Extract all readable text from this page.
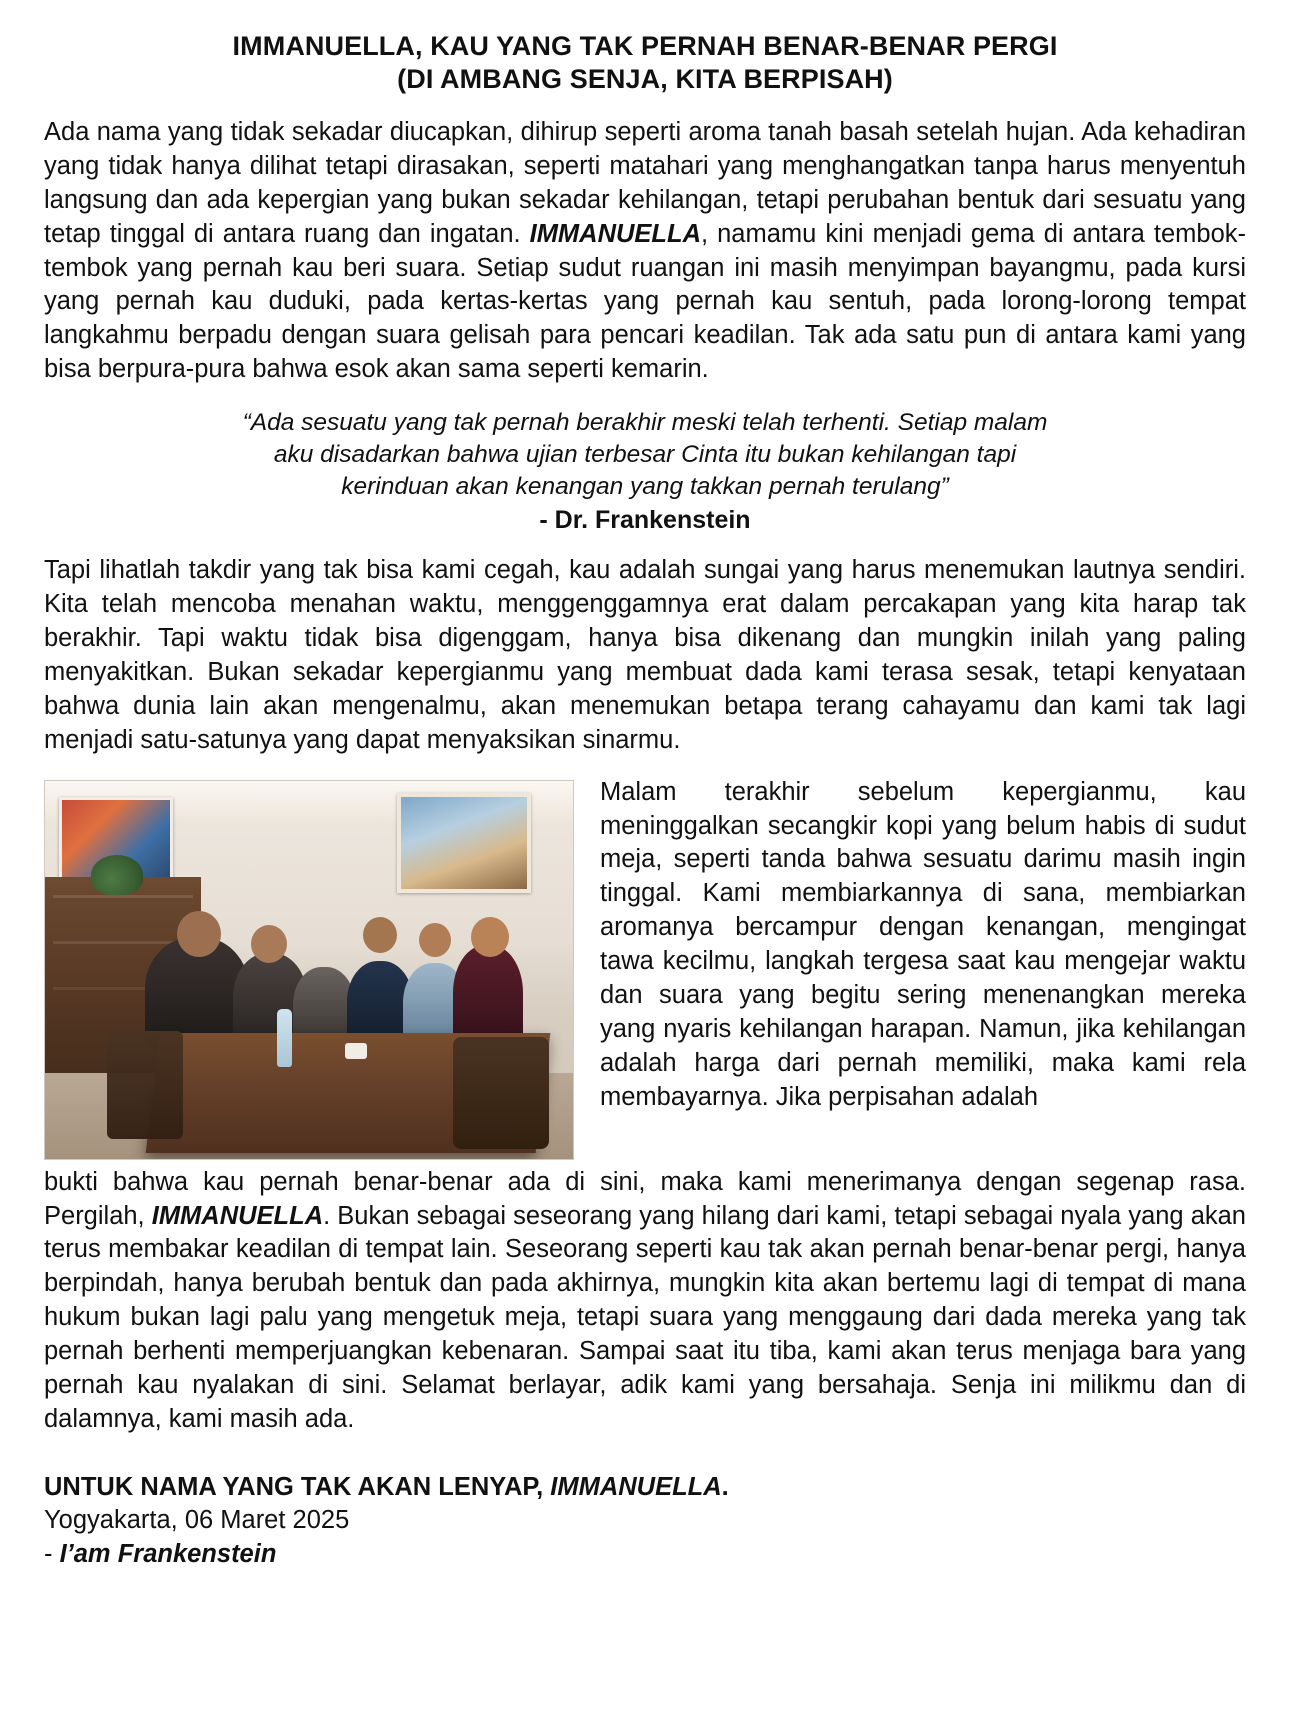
IMMANUELLA, KAU YANG TAK PERNAH BENAR-BENAR PERGI
(DI AMBANG SENJA, KITA BERPISAH)

Ada nama yang tidak sekadar diucapkan, dihirup seperti aroma tanah basah setelah hujan. Ada kehadiran yang tidak hanya dilihat tetapi dirasakan, seperti matahari yang menghangatkan tanpa harus menyentuh langsung dan ada kepergian yang bukan sekadar kehilangan, tetapi perubahan bentuk dari sesuatu yang tetap tinggal di antara ruang dan ingatan. IMMANUELLA, namamu kini menjadi gema di antara tembok-tembok yang pernah kau beri suara. Setiap sudut ruangan ini masih menyimpan bayangmu, pada kursi yang pernah kau duduki, pada kertas-kertas yang pernah kau sentuh, pada lorong-lorong tempat langkahmu berpadu dengan suara gelisah para pencari keadilan. Tak ada satu pun di antara kami yang bisa berpura-pura bahwa esok akan sama seperti kemarin.

“Ada sesuatu yang tak pernah berakhir meski telah terhenti. Setiap malam
aku disadarkan bahwa ujian terbesar Cinta itu bukan kehilangan tapi
kerinduan akan kenangan yang takkan pernah terulang”
- Dr. Frankenstein

Tapi lihatlah takdir yang tak bisa kami cegah, kau adalah sungai yang harus menemukan lautnya sendiri. Kita telah mencoba menahan waktu, menggenggamnya erat dalam percakapan yang kita harap tak berakhir. Tapi waktu tidak bisa digenggam, hanya bisa dikenang dan mungkin inilah yang paling menyakitkan. Bukan sekadar kepergianmu yang membuat dada kami terasa sesak, tetapi kenyataan bahwa dunia lain akan mengenalmu, akan menemukan betapa terang cahayamu dan kami tak lagi menjadi satu-satunya yang dapat menyaksikan sinarmu.

Malam terakhir sebelum kepergianmu, kau meninggalkan secangkir kopi yang belum habis di sudut meja, seperti tanda bahwa sesuatu darimu masih ingin tinggal. Kami membiarkannya di sana, membiarkan aromanya bercampur dengan kenangan, mengingat tawa kecilmu, langkah tergesa saat kau mengejar waktu dan suara yang begitu sering menenangkan mereka yang nyaris kehilangan harapan. Namun, jika kehilangan adalah harga dari pernah memiliki, maka kami rela membayarnya. Jika perpisahan adalah

bukti bahwa kau pernah benar-benar ada di sini, maka kami menerimanya dengan segenap rasa. Pergilah, IMMANUELLA. Bukan sebagai seseorang yang hilang dari kami, tetapi sebagai nyala yang akan terus membakar keadilan di tempat lain. Seseorang seperti kau tak akan pernah benar-benar pergi, hanya berpindah, hanya berubah bentuk dan pada akhirnya, mungkin kita akan bertemu lagi di tempat di mana hukum bukan lagi palu yang mengetuk meja, tetapi suara yang menggaung dari dada mereka yang tak pernah berhenti memperjuangkan kebenaran. Sampai saat itu tiba, kami akan terus menjaga bara yang pernah kau nyalakan di sini. Selamat berlayar, adik kami yang bersahaja. Senja ini milikmu dan di dalamnya, kami masih ada.

UNTUK NAMA YANG TAK AKAN LENYAP, IMMANUELLA.
Yogyakarta, 06 Maret 2025
- I’am Frankenstein
